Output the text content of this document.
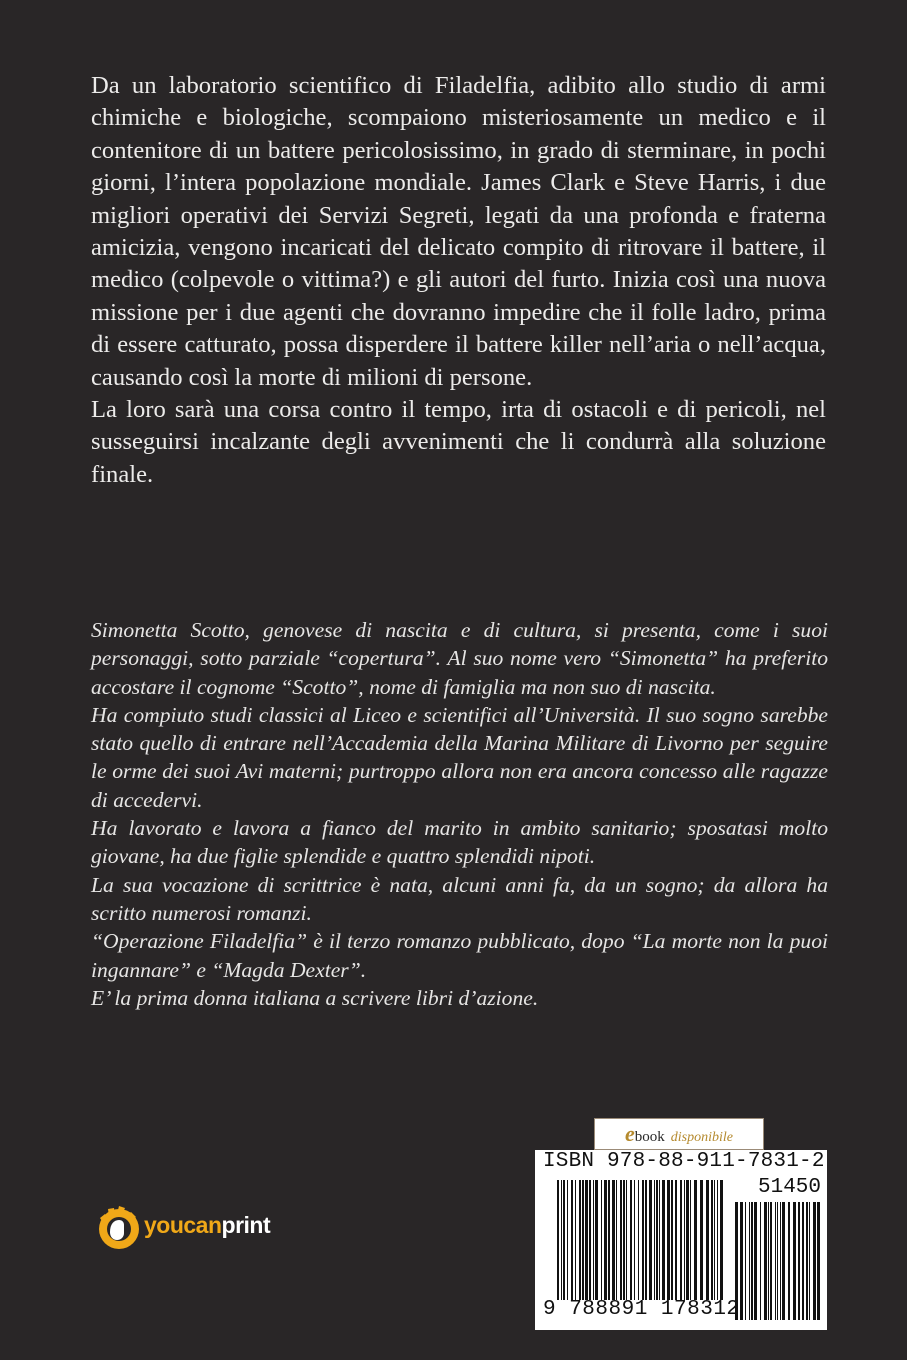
Da un laboratorio scientifico di Filadelfia, adibito allo studio di armi chimiche e biologiche, scompaiono misteriosamente un medico e il contenitore di un battere pericolosissimo, in grado di sterminare, in pochi giorni, l’intera popolazione mondiale. James Clark e Steve Harris, i due migliori operativi dei Servizi Segreti, legati da una profonda e fraterna amicizia, vengono incaricati del delicato compito di ritrovare il battere, il medico (colpevole o vittima?) e gli autori del furto. Inizia così una nuova missione per i due agenti che dovranno impedire che il folle ladro, prima di essere catturato, possa disperdere il battere killer nell’aria o nell’acqua, causando così la morte di milioni di persone.

La loro sarà una corsa contro il tempo, irta di ostacoli e di pericoli, nel susseguirsi incalzante degli avvenimenti che li condurrà alla soluzione finale.

Simonetta Scotto, genovese di nascita e di cultura, si presenta, come i suoi personaggi, sotto parziale “copertura”. Al suo nome vero “Simonetta” ha preferito accostare il cognome “Scotto”, nome di famiglia ma non suo di nascita.

Ha compiuto studi classici al Liceo e scientifici all’Università. Il suo sogno sarebbe stato quello di entrare nell’Accademia della Marina Militare di Livorno per seguire le orme dei suoi Avi materni; purtroppo allora non era ancora concesso alle ragazze di accedervi.

Ha lavorato e lavora a fianco del marito in ambito sanitario; sposatasi molto giovane, ha due figlie splendide e quattro splendidi nipoti.

La sua vocazione di scrittrice è nata, alcuni anni fa, da un sogno; da allora ha scritto numerosi romanzi.

“Operazione Filadelfia” è il terzo romanzo pubblicato, dopo “La morte non la puoi ingannare” e “Magda Dexter”.

E’ la prima donna italiana a scrivere libri d’azione.

youcanprint
ebook disponibile
ISBN 978-88-911-7831-2
51450
9 788891 178312
